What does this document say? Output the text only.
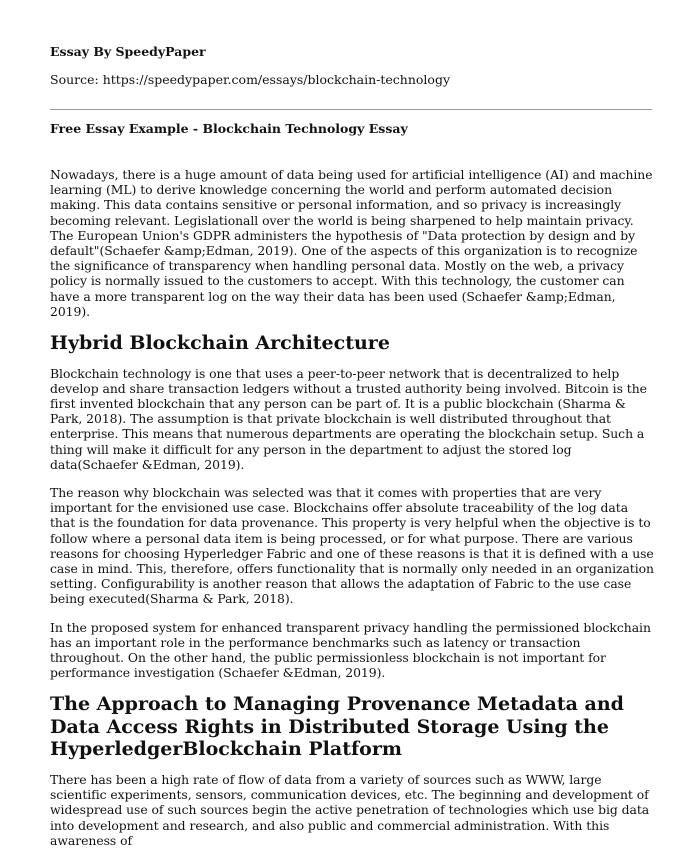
Essay By SpeedyPaper
Source: https://speedypaper.com/essays/blockchain-technology
Free Essay Example - Blockchain Technology Essay

Nowadays, there is a huge amount of data being used for artificial intelligence (AI) and machine learning (ML) to derive knowledge concerning the world and perform automated decision making. This data contains sensitive or personal information, and so privacy is increasingly becoming relevant. Legislationall over the world is being sharpened to help maintain privacy. The European Union's GDPR administers the hypothesis of "Data protection by design and by default"(Schaefer &amp;Edman, 2019). One of the aspects of this organization is to recognize the significance of transparency when handling personal data. Mostly on the web, a privacy policy is normally issued to the customers to accept. With this technology, the customer can have a more transparent log on the way their data has been used (Schaefer &amp;Edman, 2019).

Hybrid Blockchain Architecture

Blockchain technology is one that uses a peer-to-peer network that is decentralized to help develop and share transaction ledgers without a trusted authority being involved. Bitcoin is the first invented blockchain that any person can be part of. It is a public blockchain (Sharma & Park, 2018). The assumption is that private blockchain is well distributed throughout that enterprise. This means that numerous departments are operating the blockchain setup. Such a thing will make it difficult for any person in the department to adjust the stored log data(Schaefer &Edman, 2019).

The reason why blockchain was selected was that it comes with properties that are very important for the envisioned use case. Blockchains offer absolute traceability of the log data that is the foundation for data provenance. This property is very helpful when the objective is to follow where a personal data item is being processed, or for what purpose. There are various reasons for choosing Hyperledger Fabric and one of these reasons is that it is defined with a use case in mind. This, therefore, offers functionality that is normally only needed in an organization setting. Configurability is another reason that allows the adaptation of Fabric to the use case being executed(Sharma & Park, 2018).

In the proposed system for enhanced transparent privacy handling the permissioned blockchain has an important role in the performance benchmarks such as latency or transaction throughout. On the other hand, the public permissionless blockchain is not important for performance investigation (Schaefer &Edman, 2019).

The Approach to Managing Provenance Metadata and Data Access Rights in Distributed Storage Using the HyperledgerBlockchain Platform

There has been a high rate of flow of data from a variety of sources such as WWW, large scientific experiments, sensors, communication devices, etc. The beginning and development of widespread use of such sources begin the active penetration of technologies which use big data into development and research, and also public and commercial administration. With this awareness of
